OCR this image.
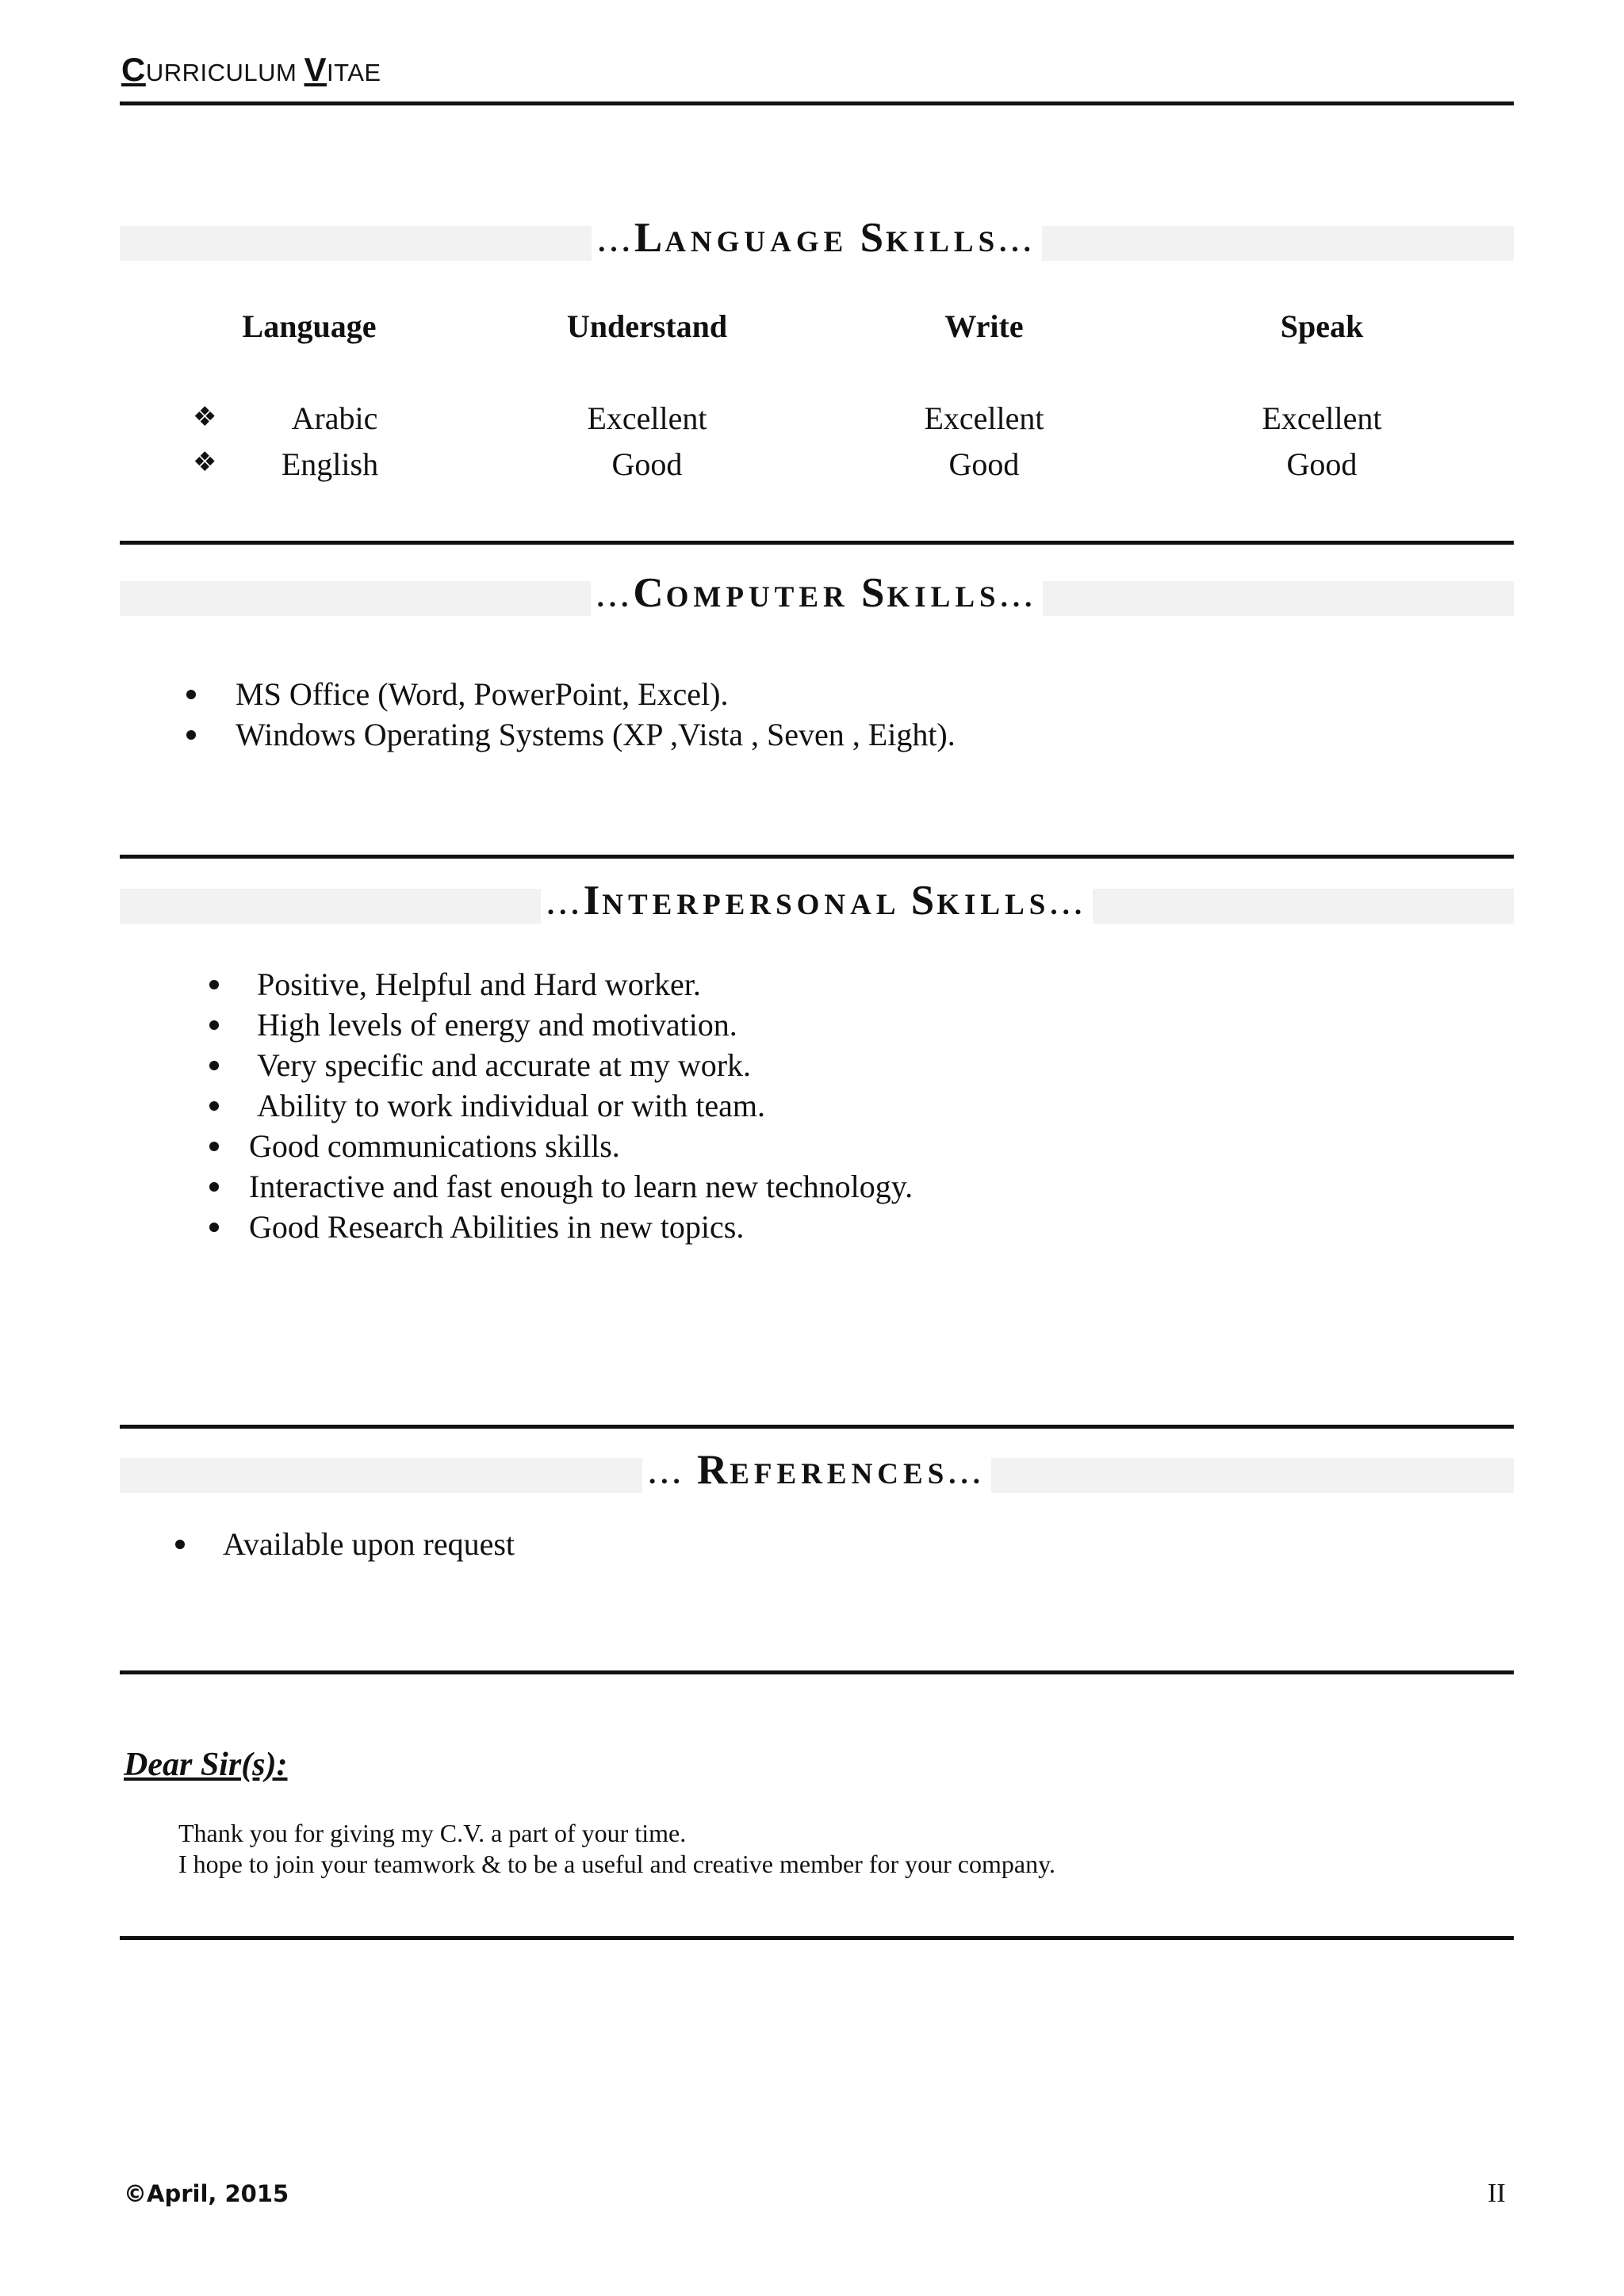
CURRICULUM VITAE
...LANGUAGE SKILLS...
Language	Understand	Write	Speak
❖	Arabic	Excellent	Excellent	Excellent
❖	English	Good	Good	Good
...COMPUTER SKILLS...
MS Office (Word, PowerPoint, Excel).
Windows Operating Systems (XP ,Vista , Seven , Eight).
...INTERPERSONAL SKILLS...
Positive, Helpful and Hard worker.
High levels of energy and motivation.
Very specific and accurate at my work.
Ability to work individual or with team.
Good communications skills.
Interactive and fast enough to learn new technology.
Good Research Abilities in new topics.
... REFERENCES...
Available upon request
Dear Sir(s):
Thank you for giving my C.V. a part of your time.
I hope to join your teamwork & to be a useful and creative member for your company.
©April, 2015	II
